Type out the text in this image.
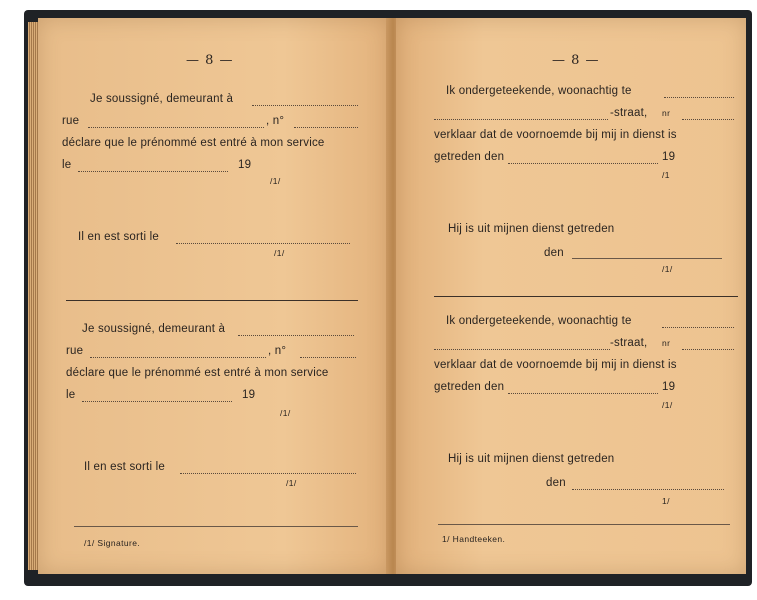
— 8 —
Je soussigné, demeurant à
rue	, n°
déclare que le prénommé est entré à mon service
le	19
/1/
Il en est sorti le
/1/
Je soussigné, demeurant à
rue	, n°
déclare que le prénommé est entré à mon service
le	19
/1/
Il en est sorti le
/1/
/1/ Signature.
— 8 —
Ik ondergeteekende, woonachtig te
-straat, nr
verklaar dat de voornoemde bij mij in dienst is
getreden den	19
/1
Hij is uit mijnen dienst getreden
den
/1/
Ik ondergeteekende, woonachtig te
-straat, nr
verklaar dat de voornoemde bij mij in dienst is
getreden den	19
/1/
Hij is uit mijnen dienst getreden
den
1/
1/ Handteeken.
